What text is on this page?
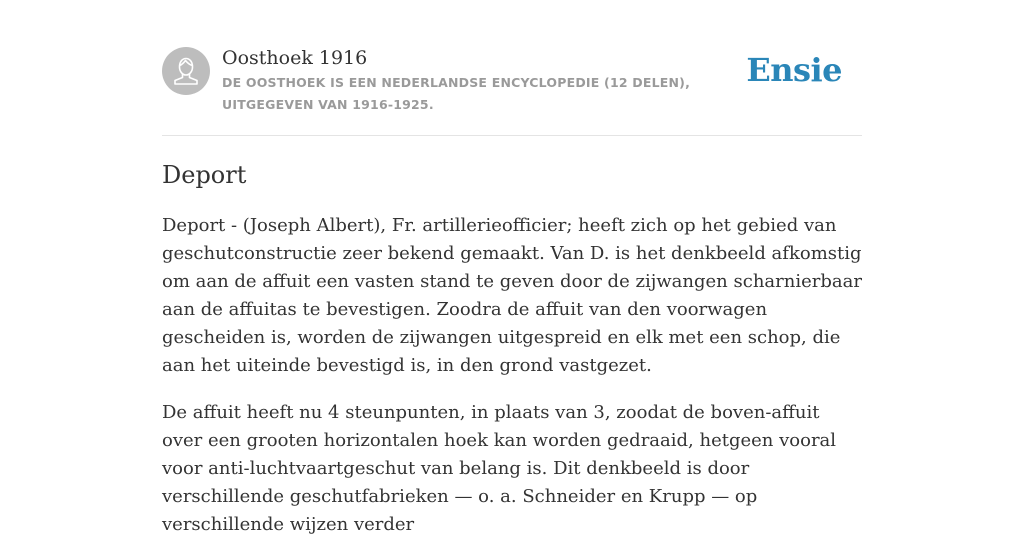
Oosthoek 1916
DE OOSTHOEK IS EEN NEDERLANDSE ENCYCLOPEDIE (12 DELEN), UITGEGEVEN VAN 1916-1925.
Ensie
Deport

Deport - (Joseph Albert), Fr. artillerieofficier; heeft zich op het gebied van geschutconstructie zeer bekend gemaakt. Van D. is het denkbeeld afkomstig om aan de affuit een vasten stand te geven door de zijwangen scharnierbaar aan de affuitas te bevestigen. Zoodra de affuit van den voorwagen gescheiden is, worden de zijwangen uitgespreid en elk met een schop, die aan het uiteinde bevestigd is, in den grond vastgezet.

De affuit heeft nu 4 steunpunten, in plaats van 3, zoodat de boven-affuit over een grooten horizontalen hoek kan worden gedraaid, hetgeen vooral voor anti-luchtvaartgeschut van belang is. Dit denkbeeld is door verschillende geschutfabrieken — o. a. Schneider en Krupp — op verschillende wijzen verder
